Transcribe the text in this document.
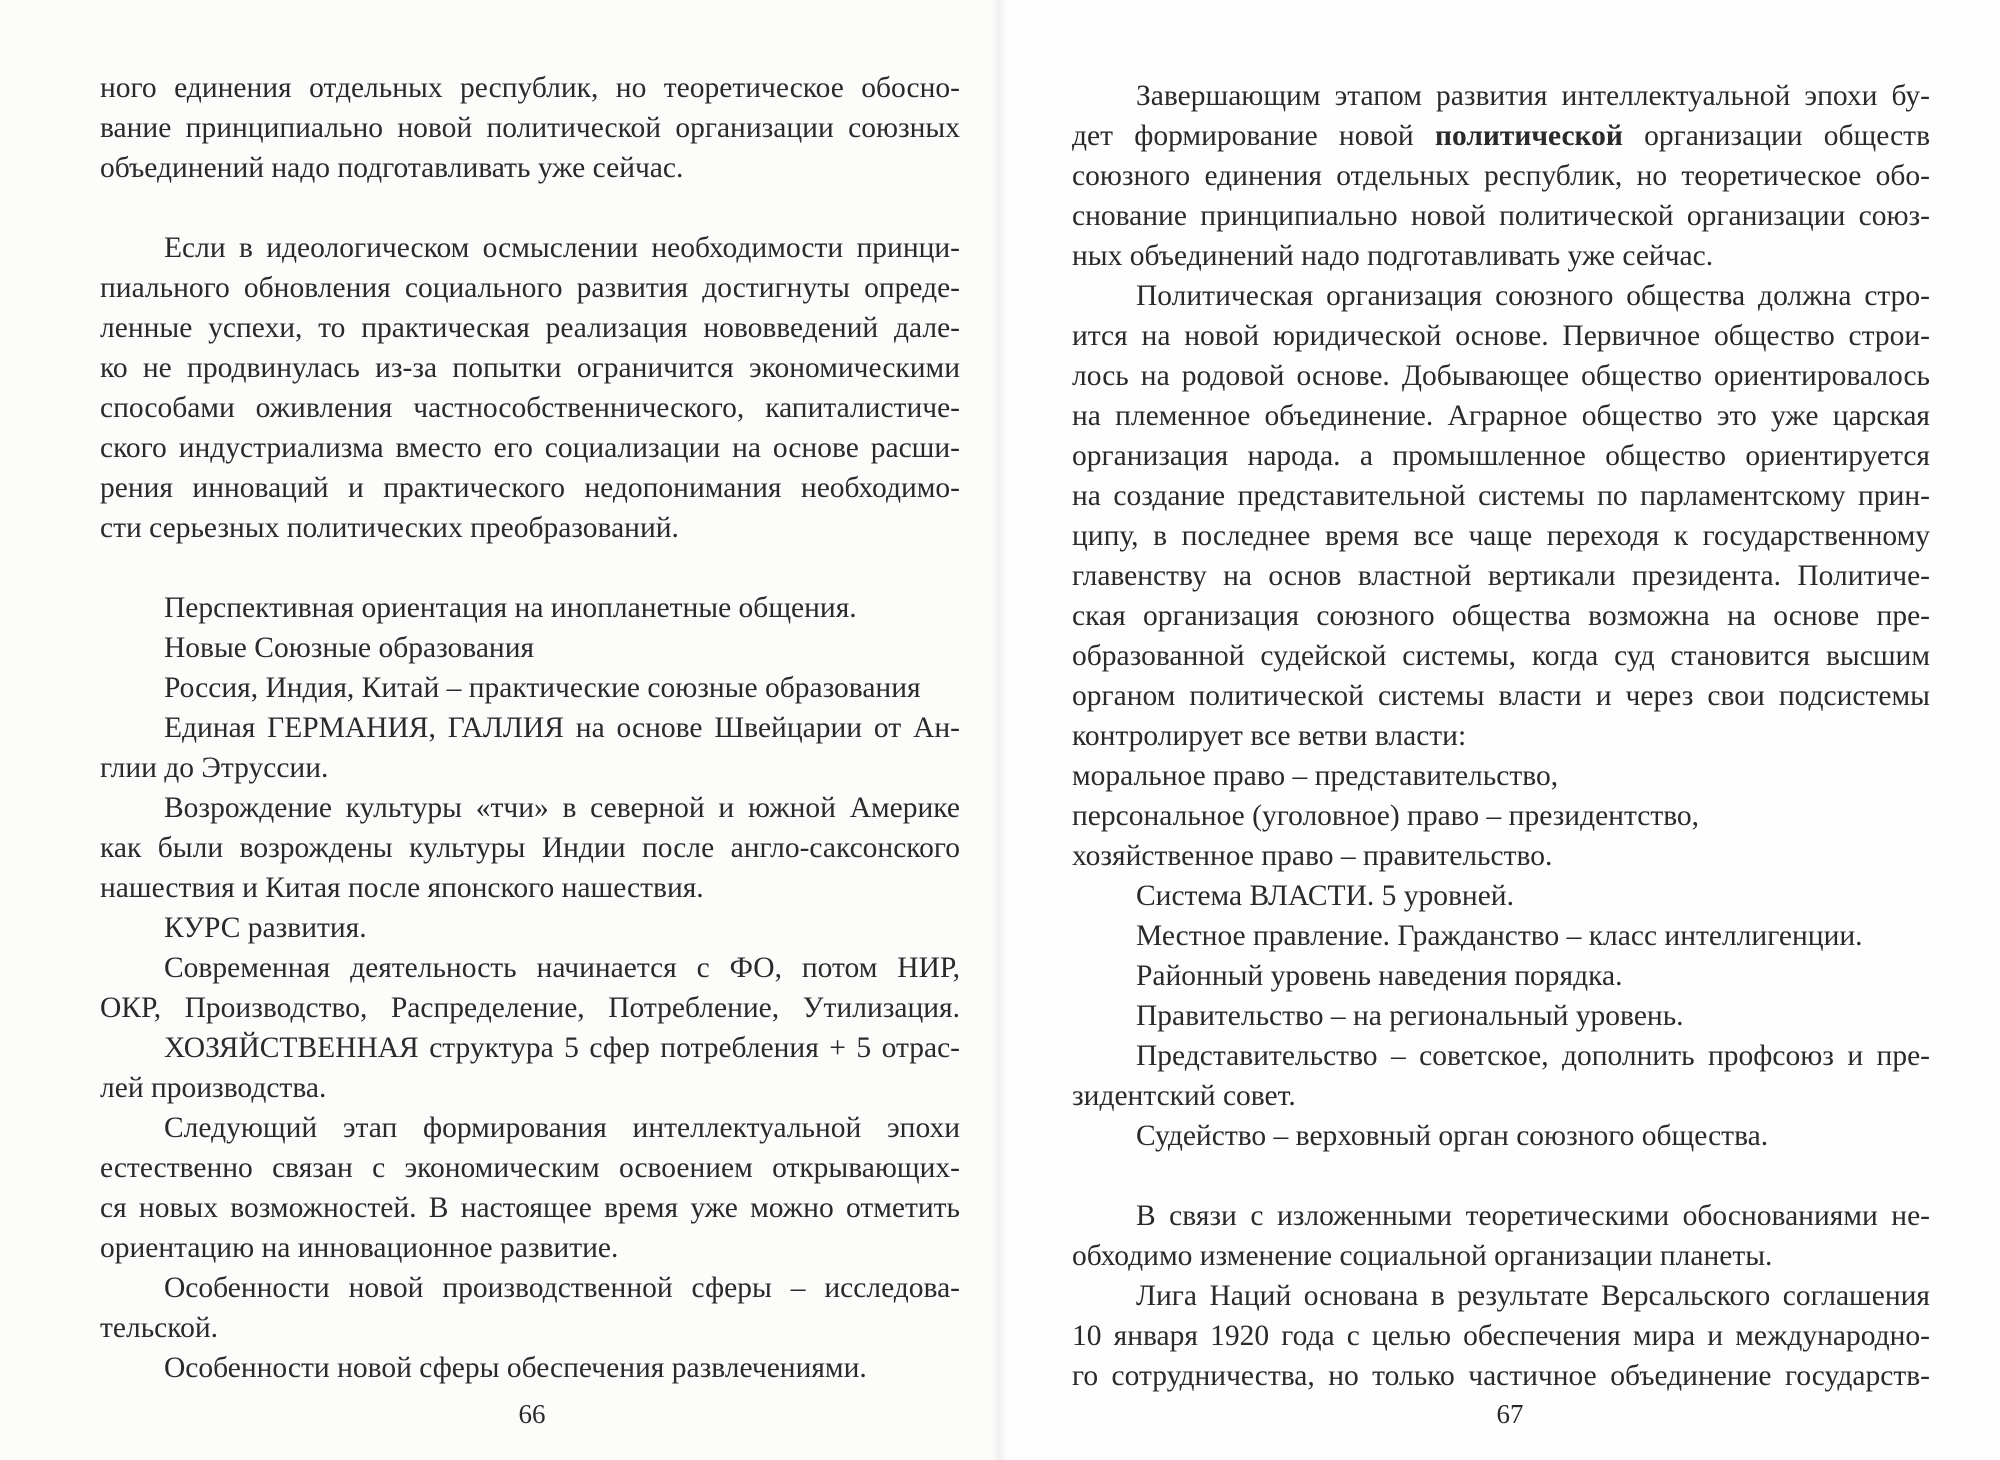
ного единения отдельных республик, но теоретическое обосно-
вание принципиально новой политической организации союзных
объединений надо подготавливать уже сейчас.
Если в идеологическом осмыслении необходимости принци-
пиального обновления социального развития достигнуты опреде-
ленные успехи, то практическая реализация нововведений дале-
ко не продвинулась из-за попытки ограничится экономическими
способами оживления частнособственнического, капиталистиче-
ского индустриализма вместо его социализации на основе расши-
рения инноваций и практического недопонимания необходимо-
сти серьезных политических преобразований.
Перспективная ориентация на инопланетные общения.
Новые Союзные образования
Россия, Индия, Китай – практические союзные образования
Единая ГЕРМАНИЯ, ГАЛЛИЯ на основе Швейцарии от Ан-
глии до Этруссии.
Возрождение культуры «тчи» в северной и южной Америке
как были возрождены культуры Индии после англо-саксонского
нашествия и Китая после японского нашествия.
КУРС развития.
Современная деятельность начинается с ФО, потом НИР,
ОКР, Производство, Распределение, Потребление, Утилизация.
ХОЗЯЙСТВЕННАЯ структура 5 сфер потребления + 5 отрас-
лей производства.
Следующий этап формирования интеллектуальной эпохи
естественно связан с экономическим освоением открывающих-
ся новых возможностей. В настоящее время уже можно отметить
ориентацию на инновационное развитие.
Особенности новой производственной сферы – исследова-
тельской.
Особенности новой сферы обеспечения развлечениями.
66
Завершающим этапом развития интеллектуальной эпохи бу-
дет формирование новой политической организации обществ
союзного единения отдельных республик, но теоретическое обо-
снование принципиально новой политической организации союз-
ных объединений надо подготавливать уже сейчас.
Политическая организация союзного общества должна стро-
ится на новой юридической основе. Первичное общество строи-
лось на родовой основе. Добывающее общество ориентировалось
на племенное объединение. Аграрное общество это уже царская
организация народа. а промышленное общество ориентируется
на создание представительной системы по парламентскому прин-
ципу, в последнее время все чаще переходя к государственному
главенству на основ властной вертикали президента. Политиче-
ская организация союзного общества возможна на основе пре-
образованной судейской системы, когда суд становится высшим
органом политической системы власти и через свои подсистемы
контролирует все ветви власти:
моральное право – представительство,
персональное (уголовное) право – президентство,
хозяйственное право – правительство.
Система ВЛАСТИ. 5 уровней.
Местное правление. Гражданство – класс интеллигенции.
Районный уровень наведения порядка.
Правительство – на региональный уровень.
Представительство – советское, дополнить профсоюз и пре-
зидентский совет.
Судейство – верховный орган союзного общества.
В связи с изложенными теоретическими обоснованиями не-
обходимо изменение социальной организации планеты.
Лига Наций основана в результате Версальского соглашения
10 января 1920 года с целью обеспечения мира и международно-
го сотрудничества, но только частичное объединение государств-
67
